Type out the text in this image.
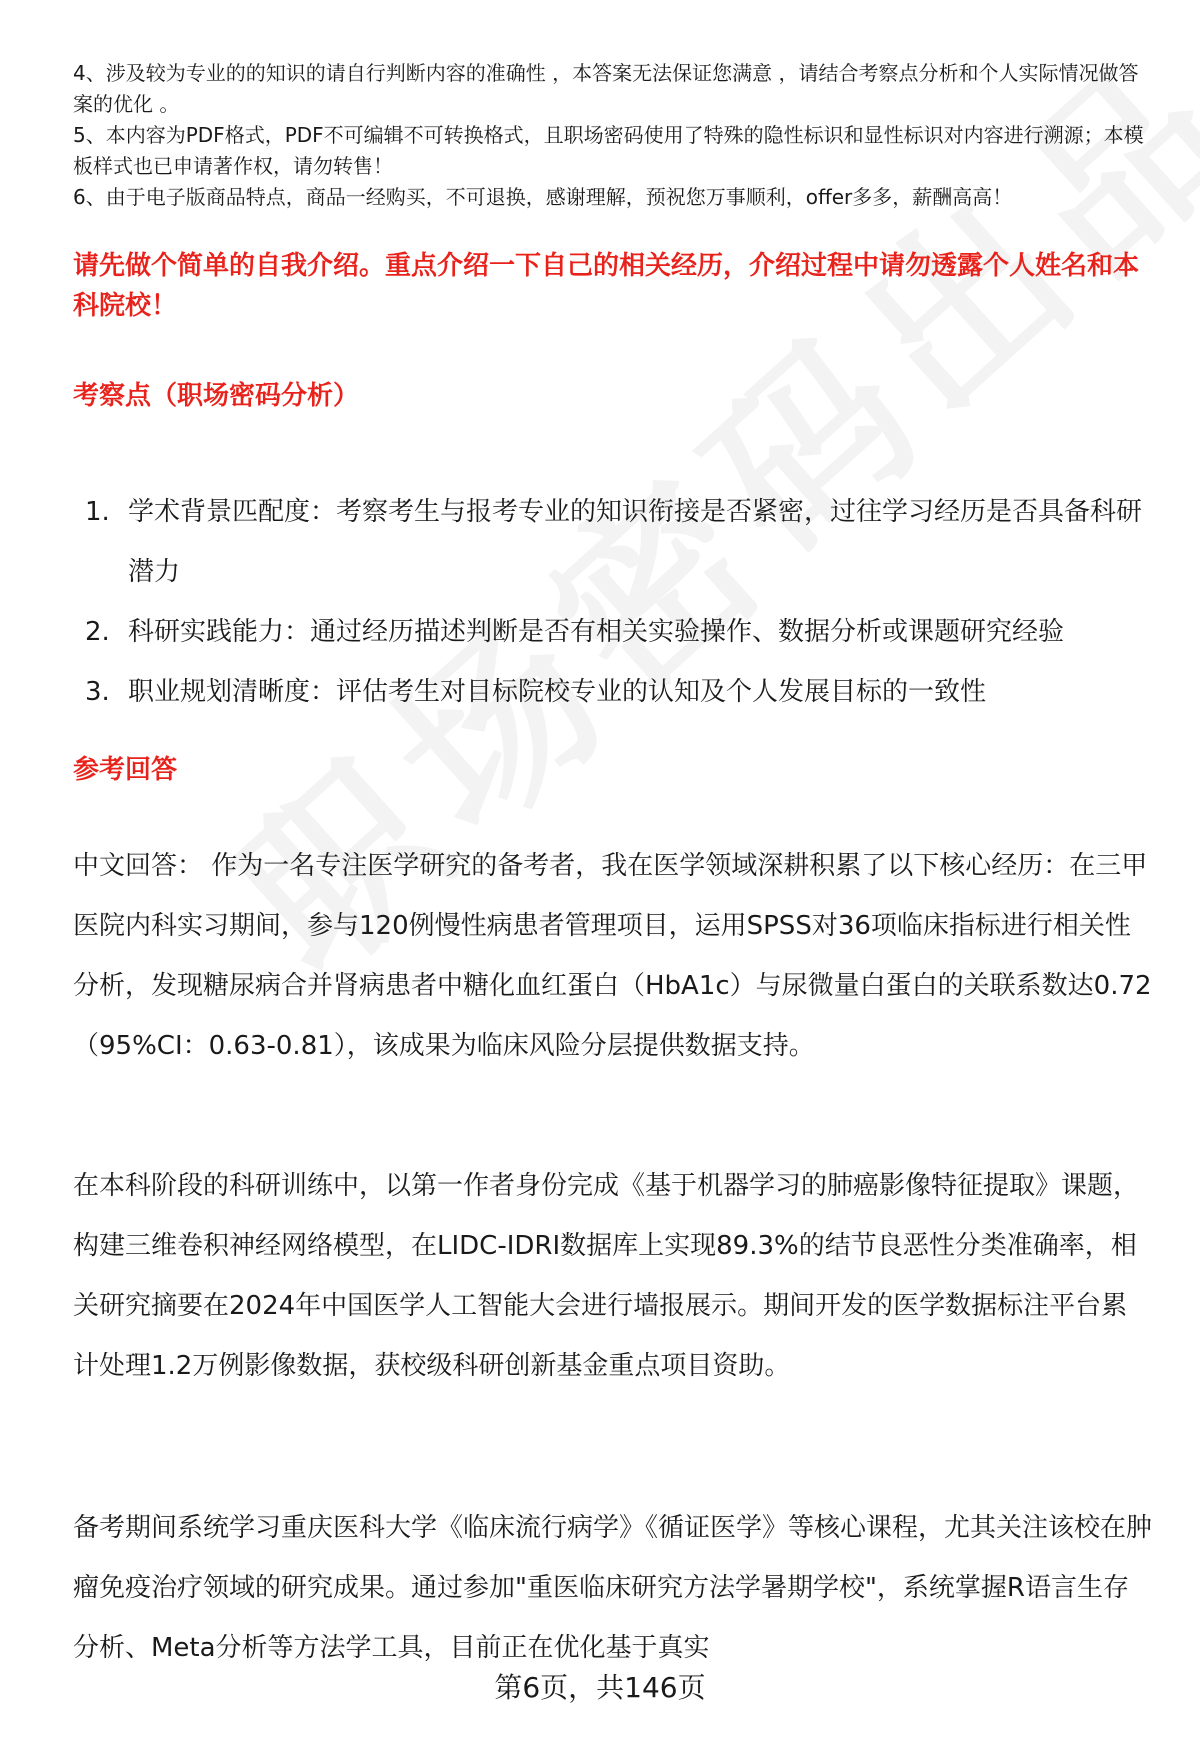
4、涉及较为专业的的知识的请自行判断内容的准确性 ，本答案无法保证您满意 ，请结合考察点分析和个人实际情况做答案的优化 。

5、本内容为PDF格式，PDF不可编辑不可转换格式，且职场密码使用了特殊的隐性标识和显性标识对内容进行溯源；本模板样式也已申请著作权，请勿转售！

6、由于电子版商品特点，商品一经购买，不可退换，感谢理解，预祝您万事顺利，offer多多，薪酬高高！

请先做个简单的自我介绍。重点介绍一下自己的相关经历，介绍过程中请勿透露个人姓名和本科院校！

考察点（职场密码分析）

1. 学术背景匹配度：考察考生与报考专业的知识衔接是否紧密，过往学习经历是否具备科研潜力
2. 科研实践能力：通过经历描述判断是否有相关实验操作、数据分析或课题研究经验
3. 职业规划清晰度：评估考生对目标院校专业的认知及个人发展目标的一致性

参考回答

中文回答： 作为一名专注医学研究的备考者，我在医学领域深耕积累了以下核心经历：在三甲医院内科实习期间，参与120例慢性病患者管理项目，运用SPSS对36项临床指标进行相关性分析，发现糖尿病合并肾病患者中糖化血红蛋白（HbA1c）与尿微量白蛋白的关联系数达0.72（95%CI：0.63-0.81），该成果为临床风险分层提供数据支持。

在本科阶段的科研训练中，以第一作者身份完成《基于机器学习的肺癌影像特征提取》课题，构建三维卷积神经网络模型，在LIDC-IDRI数据库上实现89.3%的结节良恶性分类准确率，相关研究摘要在2024年中国医学人工智能大会进行墙报展示。期间开发的医学数据标注平台累计处理1.2万例影像数据，获校级科研创新基金重点项目资助。

备考期间系统学习重庆医科大学《临床流行病学》《循证医学》等核心课程，尤其关注该校在肿瘤免疫治疗领域的研究成果。通过参加"重医临床研究方法学暑期学校"，系统掌握R语言生存分析、Meta分析等方法学工具，目前正在优化基于真实

第6页，共146页
